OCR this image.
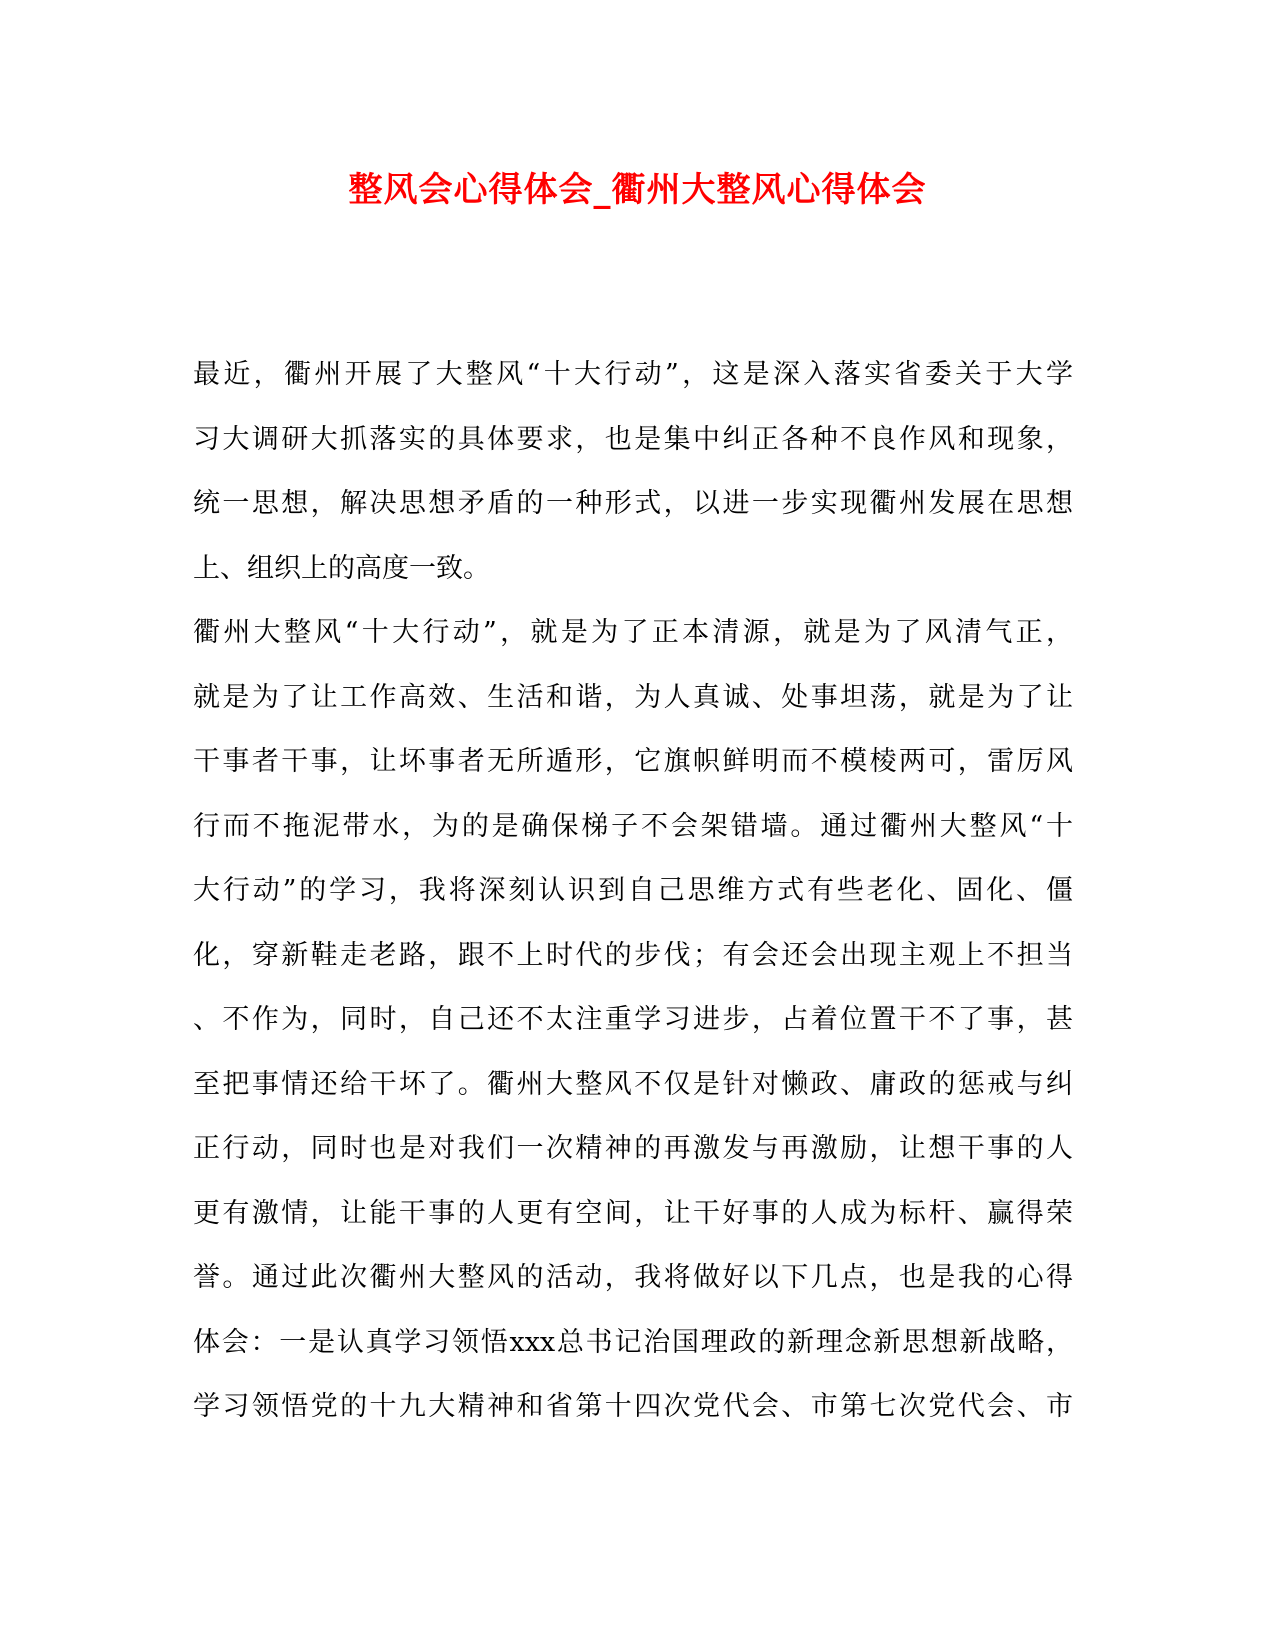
整风会心得体会_衢州大整风心得体会
最近，衢州开展了大整风“十大行动”，这是深入落实省委关于大学
习大调研大抓落实的具体要求，也是集中纠正各种不良作风和现象，
统一思想，解决思想矛盾的一种形式，以进一步实现衢州发展在思想
上、组织上的高度一致。
衢州大整风“十大行动”，就是为了正本清源，就是为了风清气正，
就是为了让工作高效、生活和谐，为人真诚、处事坦荡，就是为了让
干事者干事，让坏事者无所遁形，它旗帜鲜明而不模棱两可，雷厉风
行而不拖泥带水，为的是确保梯子不会架错墙。通过衢州大整风“十
大行动”的学习，我将深刻认识到自己思维方式有些老化、固化、僵
化，穿新鞋走老路，跟不上时代的步伐；有会还会出现主观上不担当
、不作为，同时，自己还不太注重学习进步，占着位置干不了事，甚
至把事情还给干坏了。衢州大整风不仅是针对懒政、庸政的惩戒与纠
正行动，同时也是对我们一次精神的再激发与再激励，让想干事的人
更有激情，让能干事的人更有空间，让干好事的人成为标杆、赢得荣
誉。通过此次衢州大整风的活动，我将做好以下几点，也是我的心得
体会：一是认真学习领悟xxx总书记治国理政的新理念新思想新战略，
学习领悟党的十九大精神和省第十四次党代会、市第七次党代会、市
